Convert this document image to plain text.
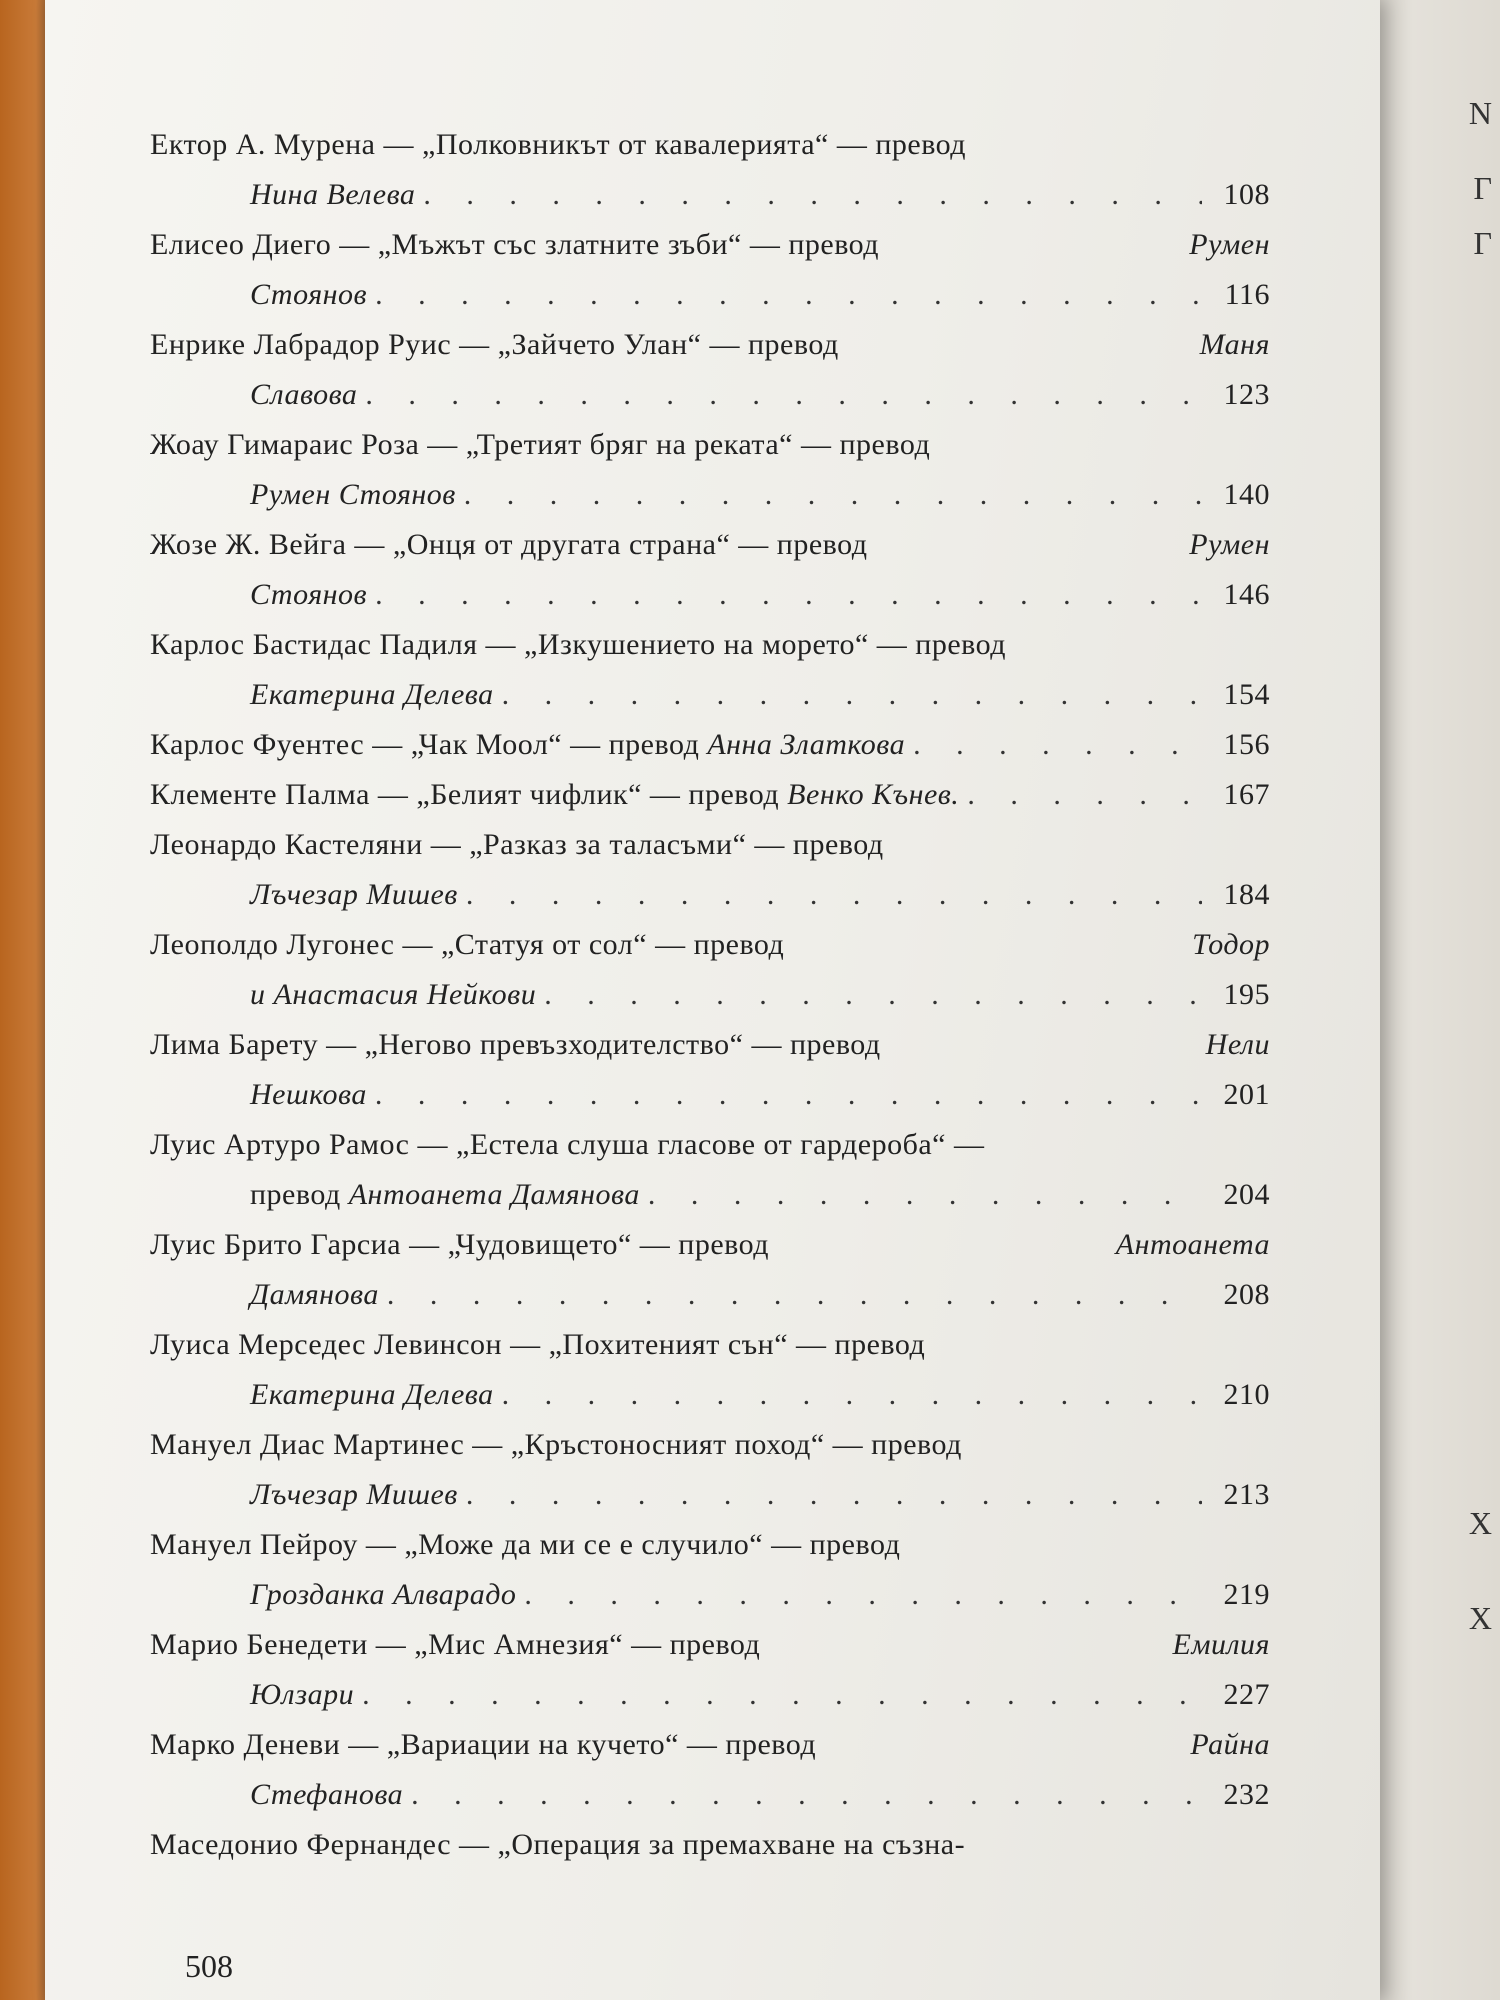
N
Г
Г
Х
Х
Ектор А. Мурена — „Полковникът от кавалерията“ — превод
Нина Велева . . .	108
Елисео Диего — „Мъжът със златните зъби“ — превод	Румен
Стоянов . . .	116
Енрике Лабрадор Руис — „Зайчето Улан“ — превод	Маня
Славова . . .	123
Жоау Гимараис Роза — „Третият бряг на реката“ — превод
Румен Стоянов . . .	140
Жозе Ж. Вейга — „Онця от другата страна“ — превод	Румен
Стоянов . . .	146
Карлос Бастидас Падиля — „Изкушението на морето“ — превод
Екатерина Делева . . .	154
Карлос Фуентес — „Чак Моол“ — превод
Анна Златкова . . .	156
Клементе Палма — „Белият чифлик“ — превод
Венко Кънев. . . .	167
Леонардо Кастеляни — „Разказ за таласъми“ — превод
Лъчезар Мишев . . .	184
Леополдо Лугонес — „Статуя от сол“ — превод	Тодор
и Анастасия Нейкови . . .	195
Лима Барету — „Негово превъзходителство“ — превод	Нели
Нешкова . . .	201
Луис Артуро Рамос — „Естела слуша гласове от гардероба“ —
превод
Антоанета Дамянова . . .	204
Луис Брито Гарсиа — „Чудовището“ — превод	Антоанета
Дамянова . . .	208
Луиса Мерседес Левинсон — „Похитеният сън“ — превод
Екатерина Делева . . .	210
Мануел Диас Мартинес — „Кръстоносният поход“ — превод
Лъчезар Мишев . . .	213
Мануел Пейроу — „Може да ми се е случило“ — превод
Грозданка Алварадо . . .	219
Марио Бенедети — „Мис Амнезия“ — превод	Емилия
Юлзари . . .	227
Марко Деневи — „Вариации на кучето“ — превод	Райна
Стефанова . . .	232
Маседонио Фернандес — „Операция за премахване на съзна-
508
